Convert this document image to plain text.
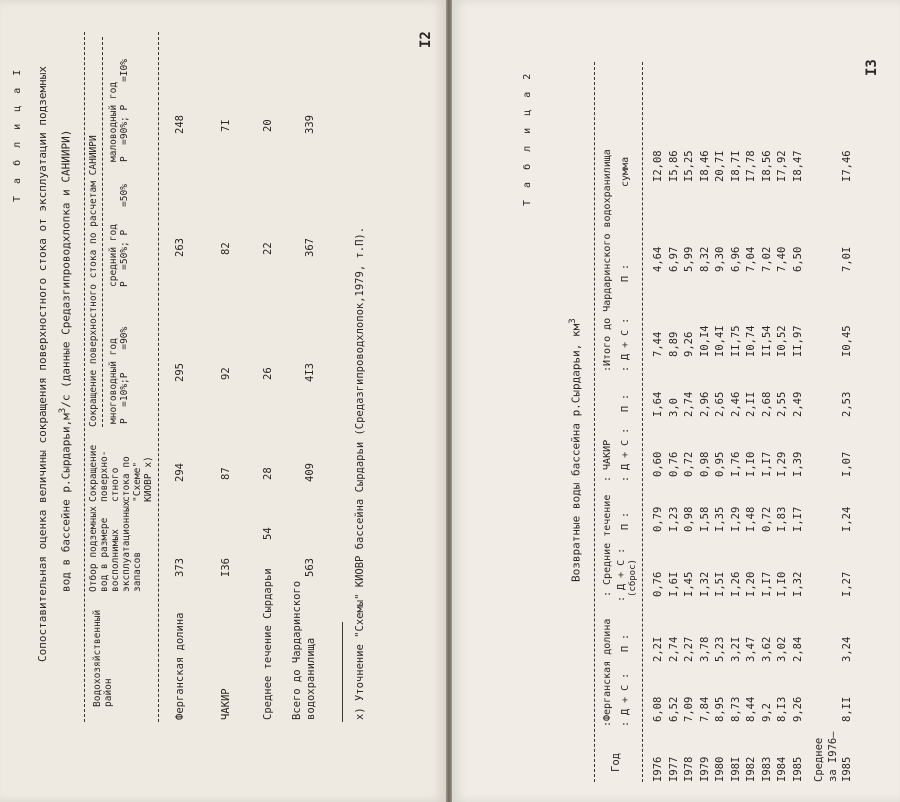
Т а б л и ц а I Сопоставительная оценка величины сокращения поверхностного стока от эксплуатации подземных вод в бассейне $р.Сырдарьи,м^3/с$ (данные Средазгипроводхлопка и САНИИРИ)
Водохозяйственный
район
Отбор подземных
вод в размере
восполнимых
эксплуатационных
запасов
Сокращение
поверхно-
стного
стока по
"Схеме"
КИОВР x)
Сокращение поверхностного стока по расчетам САНИИРИ многоводный год
P  =10%;P    =90%
средний год
P  =50%; P    =50%
маловодный год
P  =90%; P    =I0%
Ферганская долина
373
294
295
263
248
ЧАКИР
I36
87
92
82
7I
Среднее течение Сырдарьи
54
28
26
22
20
Всего до Чардаринского
водохранилища
563
409
4I3
367
339
x) Уточнение "Схемы" КИОВР бассейна Сырдарьи (Средазгипроводхлопок,1979, т.П).
I2
Т а б л и ц а 2
Возвратные воды бассейна р.Сырдарьи, $км^3$
Год
:Ферганская долина
: Средние течение
: ЧАКИР
:Итого до Чардаринского водохранилища
: Д + С :
П :
: Д + С : (сброс)
П :
: Д + С :
П :
: Д + С :
П :
сумма
I976
6,08
2,2I
0,76
0,79
0,60
I,64
7,44
4,64
I2,08
I977
6,52
2,74
I,6I
I,23
0,76
3,0
8,89
6,97
I5,86
I978
7,09
2,27
I,45
0,98
0,72
2,74
9,26
5,99
I5,25
I979
7,84
3,78
I,32
I,58
0,98
2,96
I0,I4
8,32
I8,46
I980
8,95
5,23
I,5I
I,35
0,95
2,65
I0,4I
9,30
20,7I
I98I
8,73
3,2I
I,26
I,29
I,76
2,46
II,75
6,96
I8,7I
I982
8,44
3,47
I,20
I,48
I,I0
2,II
I0,74
7,04
I7,78
I983
9,2
3,62
I,I7
0,72
I,I7
2,68
II,54
7,02
I8,56
I984
8,I3
3,02
I,I0
I,83
I,29
2,55
I0,52
7,40
I7,92
I985
9,26
2,84
I,32
I,I7
I,39
2,49
II,97
6,50
I8,47
Среднее за I976– I985
8,II
3,24
I,27
I,24
I,07
2,53
I0,45
7,0I
I7,46
I3
